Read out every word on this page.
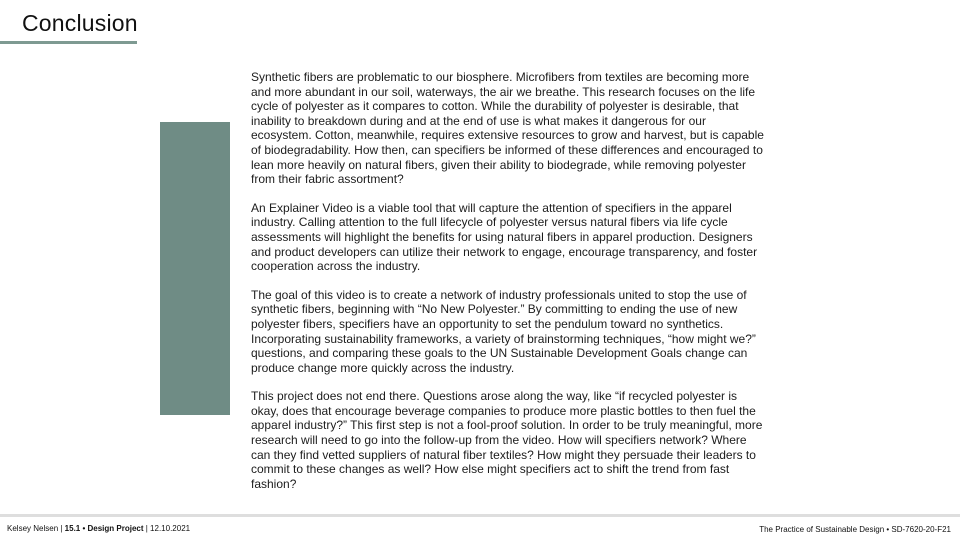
Conclusion

Synthetic fibers are problematic to our biosphere. Microfibers from textiles are becoming more and more abundant in our soil, waterways, the air we breathe. This research focuses on the life cycle of polyester as it compares to cotton. While the durability of polyester is desirable, that inability to breakdown during and at the end of use is what makes it dangerous for our ecosystem. Cotton, meanwhile, requires extensive resources to grow and harvest, but is capable of biodegradability. How then, can specifiers be informed of these differences and encouraged to lean more heavily on natural fibers, given their ability to biodegrade, while removing polyester from their fabric assortment?

An Explainer Video is a viable tool that will capture the attention of specifiers in the apparel industry. Calling attention to the full lifecycle of polyester versus natural fibers via life cycle assessments will highlight the benefits for using natural fibers in apparel production. Designers and product developers can utilize their network to engage, encourage transparency, and foster cooperation across the industry.

The goal of this video is to create a network of industry professionals united to stop the use of synthetic fibers, beginning with “No New Polyester.” By committing to ending the use of new polyester fibers, specifiers have an opportunity to set the pendulum toward no synthetics. Incorporating sustainability frameworks, a variety of brainstorming techniques, “how might we?” questions, and comparing these goals to the UN Sustainable Development Goals change can produce change more quickly across the industry.

This project does not end there. Questions arose along the way, like “if recycled polyester is okay, does that encourage beverage companies to produce more plastic bottles to then fuel the apparel industry?” This first step is not a fool-proof solution. In order to be truly meaningful, more research will need to go into the follow-up from the video. How will specifiers network? Where can they find vetted suppliers of natural fiber textiles? How might they persuade their leaders to commit to these changes as well? How else might specifiers act to shift the trend from fast fashion?

Kelsey Nelsen | 15.1 • Design Project | 12.10.2021	The Practice of Sustainable Design • SD-7620-20-F21
